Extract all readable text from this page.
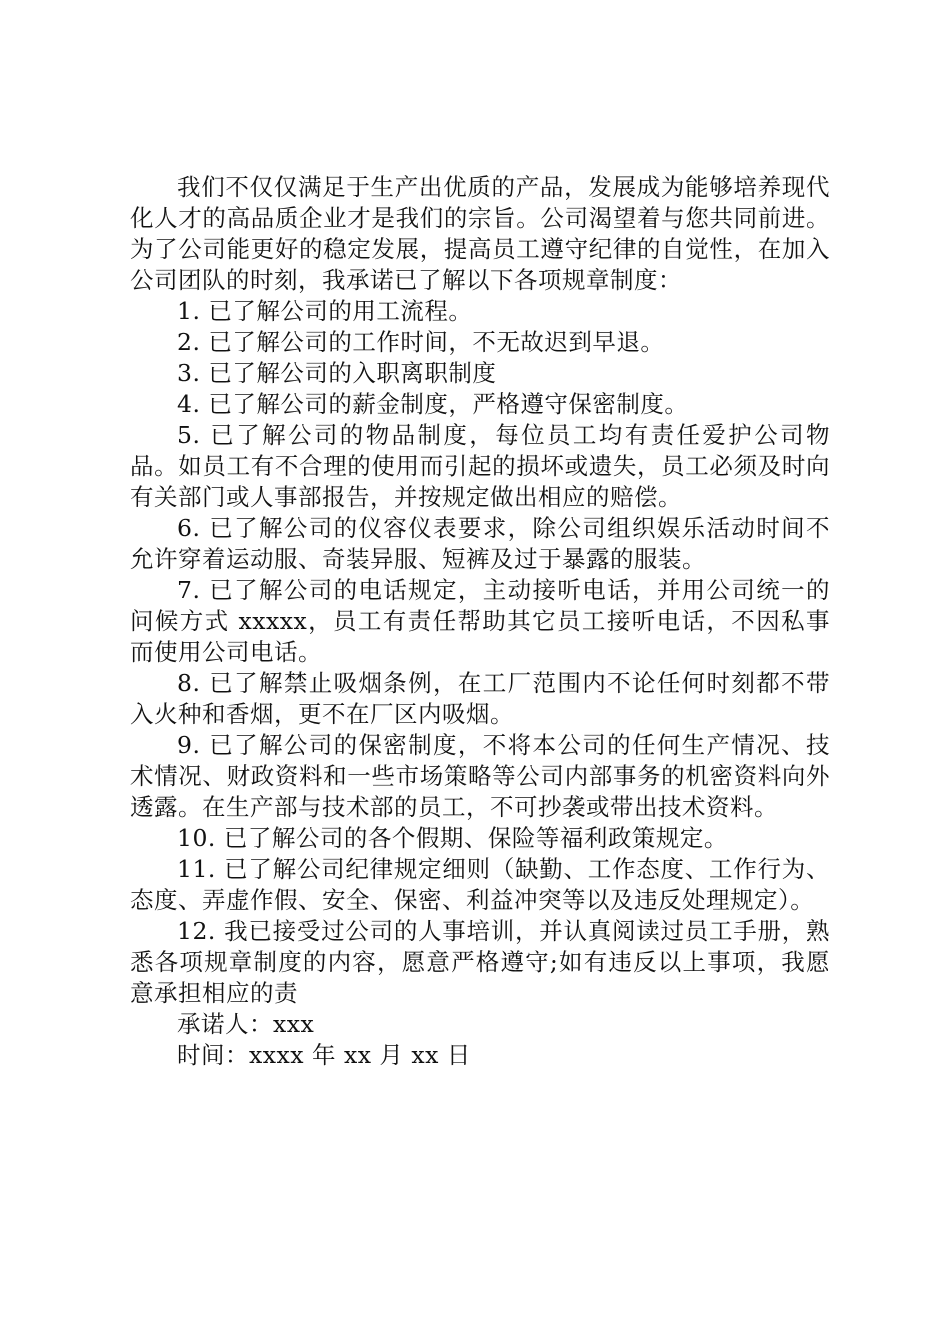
我们不仅仅满足于生产出优质的产品，发展成为能够培养现代化人才的高品质企业才是我们的宗旨。公司渴望着与您共同前进。为了公司能更好的稳定发展，提高员工遵守纪律的自觉性，在加入公司团队的时刻，我承诺已了解以下各项规章制度：

1. 已了解公司的用工流程。

2. 已了解公司的工作时间，不无故迟到早退。

3. 已了解公司的入职离职制度

4. 已了解公司的薪金制度，严格遵守保密制度。

5. 已了解公司的物品制度，每位员工均有责任爱护公司物品。如员工有不合理的使用而引起的损坏或遗失，员工必须及时向有关部门或人事部报告，并按规定做出相应的赔偿。

6. 已了解公司的仪容仪表要求，除公司组织娱乐活动时间不允许穿着运动服、奇装异服、短裤及过于暴露的服装。

7. 已了解公司的电话规定，主动接听电话，并用公司统一的问候方式 xxxxx，员工有责任帮助其它员工接听电话，不因私事而使用公司电话。

8. 已了解禁止吸烟条例，在工厂范围内不论任何时刻都不带入火种和香烟，更不在厂区内吸烟。

9. 已了解公司的保密制度，不将本公司的任何生产情况、技术情况、财政资料和一些市场策略等公司内部事务的机密资料向外透露。在生产部与技术部的员工，不可抄袭或带出技术资料。

10. 已了解公司的各个假期、保险等福利政策规定。

11. 已了解公司纪律规定细则（缺勤、工作态度、工作行为、态度、弄虚作假、安全、保密、利益冲突等以及违反处理规定）。

12. 我已接受过公司的人事培训，并认真阅读过员工手册，熟悉各项规章制度的内容，愿意严格遵守;如有违反以上事项，我愿意承担相应的责

承诺人：xxx

时间：xxxx 年 xx 月 xx 日
